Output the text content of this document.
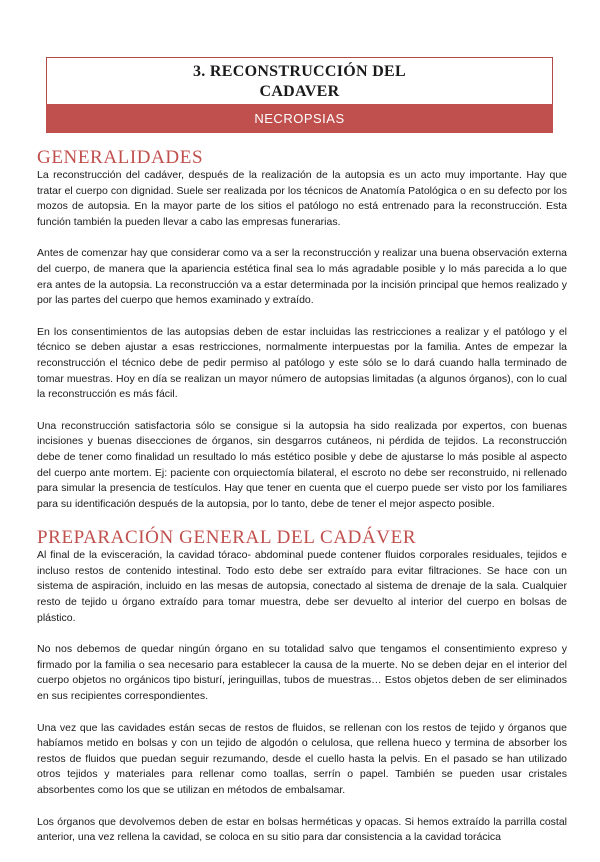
3. RECONSTRUCCIÓN DEL
CADAVER
NECROPSIAS
GENERALIDADES

La reconstrucción del cadáver, después de la realización de la autopsia es un acto muy importante. Hay que tratar el cuerpo con dignidad. Suele ser realizada por los técnicos de Anatomía Patológica o en su defecto por los mozos de autopsia. En la mayor parte de los sitios el patólogo no está entrenado para la reconstrucción. Esta función también la pueden llevar a cabo las empresas funerarias.

Antes de comenzar hay que considerar como va a ser la reconstrucción y realizar una buena observación externa del cuerpo, de manera que la apariencia estética final sea lo más agradable posible y lo más parecida a lo que era antes de la autopsia. La reconstrucción va a estar determinada por la incisión principal que hemos realizado y por las partes del cuerpo que hemos examinado y extraído.

En los consentimientos de las autopsias deben de estar incluidas las restricciones a realizar y el patólogo y el técnico se deben ajustar a esas restricciones, normalmente interpuestas por la familia. Antes de empezar la reconstrucción el técnico debe de pedir permiso al patólogo y este sólo se lo dará cuando halla terminado de tomar muestras. Hoy en día se realizan un mayor número de autopsias limitadas (a algunos órganos), con lo cual la reconstrucción es más fácil.

Una reconstrucción satisfactoria sólo se consigue si la autopsia ha sido realizada por expertos, con buenas incisiones y buenas disecciones de órganos, sin desgarros cutáneos, ni pérdida de tejidos. La reconstrucción debe de tener como finalidad un resultado lo más estético posible y debe de ajustarse lo más posible al aspecto del cuerpo ante mortem. Ej: paciente con orquiectomía bilateral, el escroto no debe ser reconstruido, ni rellenado para simular la presencia de testículos. Hay que tener en cuenta que el cuerpo puede ser visto por los familiares para su identificación después de la autopsia, por lo tanto, debe de tener el mejor aspecto posible.

PREPARACIÓN GENERAL DEL CADÁVER

Al final de la evisceración, la cavidad tóraco- abdominal puede contener fluidos corporales residuales, tejidos e incluso restos de contenido intestinal. Todo esto debe ser extraído para evitar filtraciones. Se hace con un sistema de aspiración, incluido en las mesas de autopsia, conectado al sistema de drenaje de la sala. Cualquier resto de tejido u órgano extraído para tomar muestra, debe ser devuelto al interior del cuerpo en bolsas de plástico.

No nos debemos de quedar ningún órgano en su totalidad salvo que tengamos el consentimiento expreso y firmado por la familia o sea necesario para establecer la causa de la muerte. No se deben dejar en el interior del cuerpo objetos no orgánicos tipo bisturí, jeringuillas, tubos de muestras… Estos objetos deben de ser eliminados en sus recipientes correspondientes.

Una vez que las cavidades están secas de restos de fluidos, se rellenan con los restos de tejido y órganos que habíamos metido en bolsas y con un tejido de algodón o celulosa, que rellena hueco y termina de absorber los restos de fluidos que puedan seguir rezumando, desde el cuello hasta la pelvis. En el pasado se han utilizado otros tejidos y materiales para rellenar como toallas, serrín o papel. También se pueden usar cristales absorbentes como los que se utilizan en métodos de embalsamar.

Los órganos que devolvemos deben de estar en bolsas herméticas y opacas. Si hemos extraído la parrilla costal anterior, una vez rellena la cavidad, se coloca en su sitio para dar consistencia a la cavidad torácica
